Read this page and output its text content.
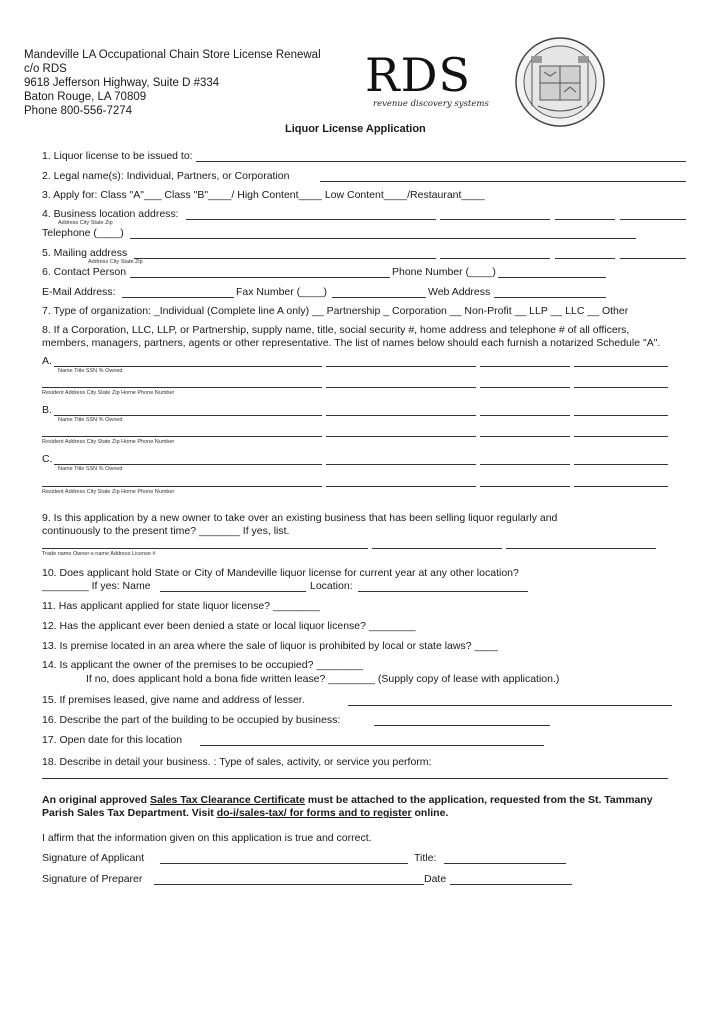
Mandeville LA Occupational Chain Store License Renewal
c/o RDS
9618 Jefferson Highway, Suite D #334
Baton Rouge, LA 70809
Phone 800-556-7274
RDS
revenue discovery systems
Liquor License Application
1. Liquor license to be issued to:
2. Legal name(s): Individual, Partners, or Corporation
3. Apply for: Class "A"___ Class "B"____/ High Content____ Low Content____/Restaurant____
4. Business location address:
Address City State Zip
Telephone (____)
5. Mailing address
Address City State Zip
6. Contact Person	Phone Number (____)
E-Mail Address:	Fax Number (____)	Web Address
7. Type of organization: _Individual (Complete line A only) __ Partnership _ Corporation __ Non-Profit __ LLP __ LLC __ Other
8. If a Corporation, LLC, LLP, or Partnership, supply name, title, social security #, home address and telephone # of all officers,
members, managers, partners, agents or other representative. The list of names below should each furnish a notarized Schedule "A".
A.
Name Title SSN % Owned
Resident Address City State Zip Home Phone Number
B.
Name Title SSN % Owned
Resident Address City State Zip Home Phone Number
C.
Name Title SSN % Owned
Resident Address City State Zip Home Phone Number
9. Is this application by a new owner to take over an existing business that has been selling liquor regularly and
continuously to the present time? _______ If yes, list.
Trade name Owner-s name Address License #
10. Does applicant hold State or City of Mandeville liquor license for current year at any other location?
________ If yes: Name	Location:
11. Has applicant applied for state liquor license? ________
12. Has the applicant ever been denied a state or local liquor license? ________
13. Is premise located in an area where the sale of liquor is prohibited by local or state laws? ____
14. Is applicant the owner of the premises to be occupied? ________
If no, does applicant hold a bona fide written lease? ________ (Supply copy of lease with application.)
15. If premises leased, give name and address of lesser.
16. Describe the part of the building to be occupied by business:
17. Open date for this location
18. Describe in detail your business. : Type of sales, activity, or service you perform:
An original approved Sales Tax Clearance Certificate must be attached to the application, requested from the St. Tammany
Parish Sales Tax Department. Visit do-i/sales-tax/ for forms and to register online.
I affirm that the information given on this application is true and correct.
Signature of Applicant	Title:
Signature of Preparer	Date
